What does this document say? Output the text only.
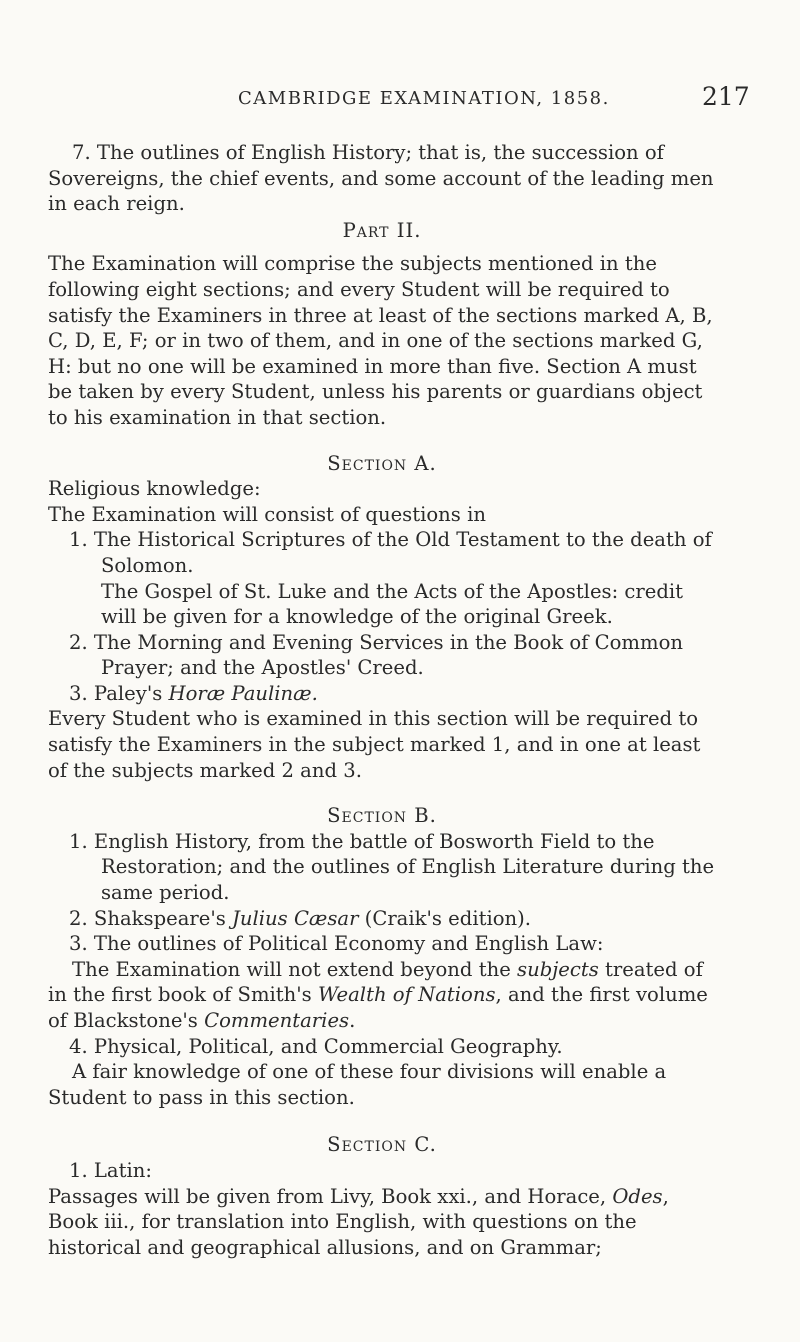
CAMBRIDGE EXAMINATION, 1858.	217

7. The outlines of English History; that is, the succession of Sovereigns, the chief events, and some account of the leading men in each reign.

Part II.

The Examination will comprise the subjects mentioned in the following eight sections; and every Student will be required to satisfy the Examiners in three at least of the sections marked A, B, C, D, E, F; or in two of them, and in one of the sections marked G, H: but no one will be examined in more than five. Section A must be taken by every Student, unless his parents or guardians object to his examination in that section.

Section A.

Religious knowledge:

The Examination will consist of questions in

1. The Historical Scriptures of the Old Testament to the death of Solomon.

The Gospel of St. Luke and the Acts of the Apostles: credit will be given for a knowledge of the original Greek.

2. The Morning and Evening Services in the Book of Common Prayer; and the Apostles' Creed.

3. Paley's Horæ Paulinæ.

Every Student who is examined in this section will be required to satisfy the Examiners in the subject marked 1, and in one at least of the subjects marked 2 and 3.

Section B.

1. English History, from the battle of Bosworth Field to the Restoration; and the outlines of English Literature during the same period.

2. Shakspeare's Julius Cæsar (Craik's edition).

3. The outlines of Political Economy and English Law:

The Examination will not extend beyond the subjects treated of in the first book of Smith's Wealth of Nations, and the first volume of Blackstone's Commentaries.

4. Physical, Political, and Commercial Geography.

A fair knowledge of one of these four divisions will enable a Student to pass in this section.

Section C.

1. Latin:

Passages will be given from Livy, Book xxi., and Horace, Odes, Book iii., for translation into English, with questions on the historical and geographical allusions, and on Grammar;
